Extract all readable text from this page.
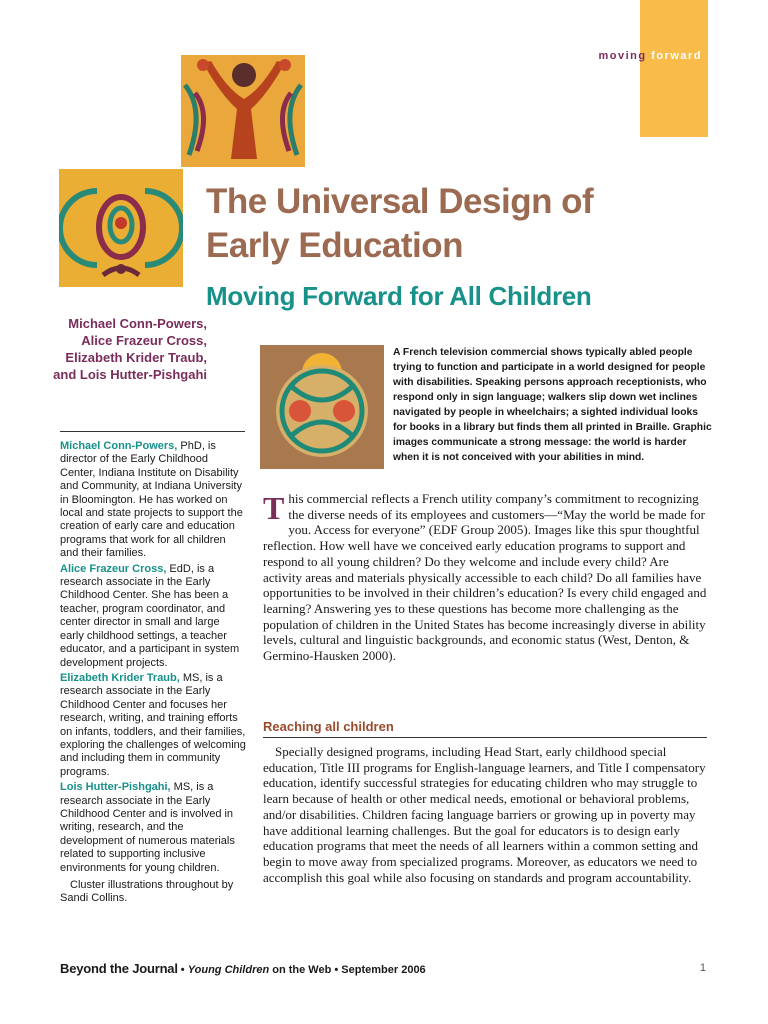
moving forward
The Universal Design of Early Education
Moving Forward for All Children
Michael Conn-Powers,
Alice Frazeur Cross,
Elizabeth Krider Traub,
and Lois Hutter-Pishgahi

Michael Conn-Powers, PhD, is director of the Early Childhood Center, Indiana Institute on Disability and Community, at Indiana University in Bloomington. He has worked on local and state projects to support the creation of early care and education programs that work for all children and their families.

Alice Frazeur Cross, EdD, is a research associate in the Early Childhood Center. She has been a teacher, program coordinator, and center director in small and large early childhood settings, a teacher educator, and a participant in system development projects.

Elizabeth Krider Traub, MS, is a research associate in the Early Childhood Center and focuses her research, writing, and training efforts on infants, toddlers, and their families, exploring the challenges of welcoming and including them in community programs.

Lois Hutter-Pishgahi, MS, is a research associate in the Early Childhood Center and is involved in writing, research, and the development of numerous materials related to supporting inclusive environments for young children.

Cluster illustrations throughout by Sandi Collins.

A French television commercial shows typically abled people trying to function and participate in a world designed for people with disabilities. Speaking persons approach receptionists, who respond only in sign language; walkers slip down wet inclines navigated by people in wheelchairs; a sighted individual looks for books in a library but finds them all printed in Braille. Graphic images communicate a strong message: the world is harder when it is not conceived with your abilities in mind.

This commercial reflects a French utility company’s commitment to recognizing the diverse needs of its employees and customers—“May the world be made for you. Access for everyone” (EDF Group 2005). Images like this spur thoughtful reflection. How well have we conceived early education programs to support and respond to all young children? Do they welcome and include every child? Are activity areas and materials physically accessible to each child? Do all families have opportunities to be involved in their children’s education? Is every child engaged and learning? Answering yes to these questions has become more challenging as the population of children in the United States has become increasingly diverse in ability levels, cultural and linguistic backgrounds, and economic status (West, Denton, & Germino-Hausken 2000).

Reaching all children

Specially designed programs, including Head Start, early childhood special education, Title III programs for English-language learners, and Title I compensatory education, identify successful strategies for educating children who may struggle to learn because of health or other medical needs, emotional or behavioral problems, and/or disabilities. Children facing language barriers or growing up in poverty may have additional learning challenges. But the goal for educators is to design early education programs that meet the needs of all learners within a common setting and begin to move away from specialized programs. Moreover, as educators we need to accomplish this goal while also focusing on standards and program accountability.

Beyond the Journal • Young Children on the Web • September 2006	1
